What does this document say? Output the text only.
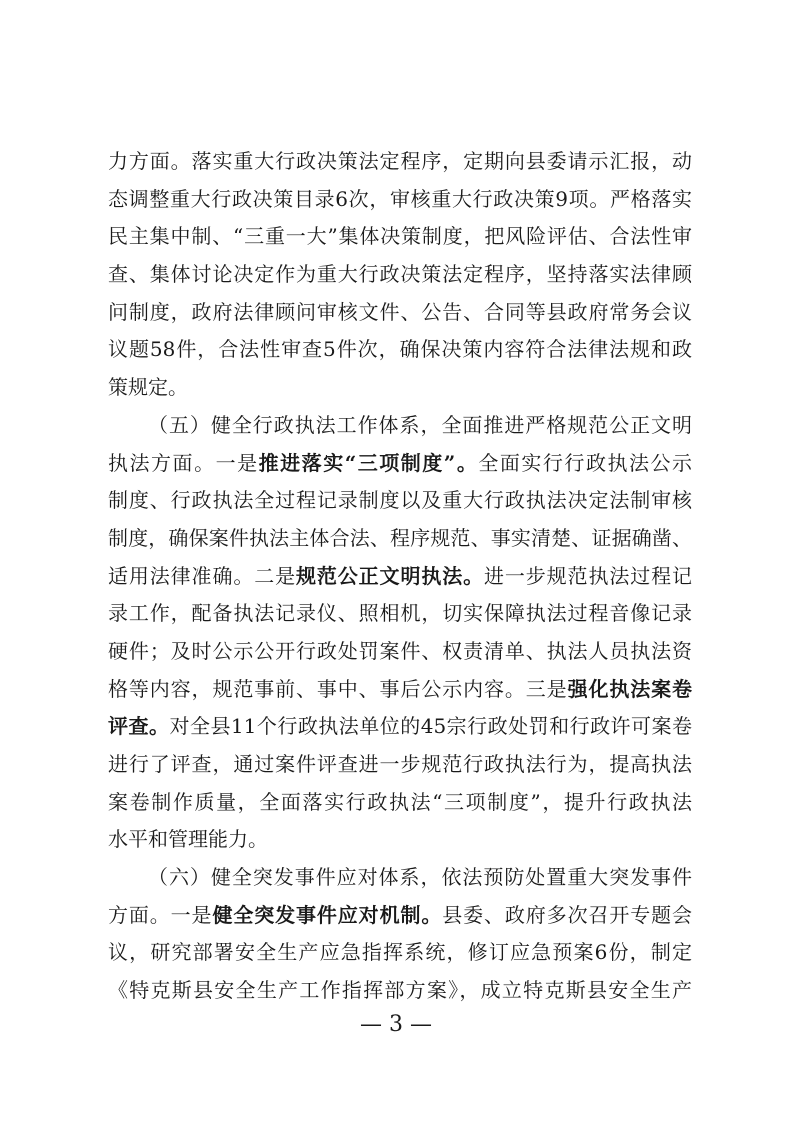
力方面。落实重大行政决策法定程序，定期向县委请示汇报，动
态调整重大行政决策目录6次，审核重大行政决策9项。严格落实
民主集中制、“三重一大”集体决策制度，把风险评估、合法性审
查、集体讨论决定作为重大行政决策法定程序，坚持落实法律顾
问制度，政府法律顾问审核文件、公告、合同等县政府常务会议
议题58件，合法性审查5件次，确保决策内容符合法律法规和政
策规定。
（五）健全行政执法工作体系，全面推进严格规范公正文明
执法方面。一是推进落实“三项制度”。全面实行行政执法公示
制度、行政执法全过程记录制度以及重大行政执法决定法制审核
制度，确保案件执法主体合法、程序规范、事实清楚、证据确凿、
适用法律准确。二是规范公正文明执法。进一步规范执法过程记
录工作，配备执法记录仪、照相机，切实保障执法过程音像记录
硬件；及时公示公开行政处罚案件、权责清单、执法人员执法资
格等内容，规范事前、事中、事后公示内容。三是强化执法案卷
评查。对全县11个行政执法单位的45宗行政处罚和行政许可案卷
进行了评查，通过案件评查进一步规范行政执法行为，提高执法
案卷制作质量，全面落实行政执法“三项制度”，提升行政执法
水平和管理能力。
（六）健全突发事件应对体系，依法预防处置重大突发事件
方面。一是健全突发事件应对机制。县委、政府多次召开专题会
议，研究部署安全生产应急指挥系统，修订应急预案6份，制定
《特克斯县安全生产工作指挥部方案》，成立特克斯县安全生产
— 3 —
